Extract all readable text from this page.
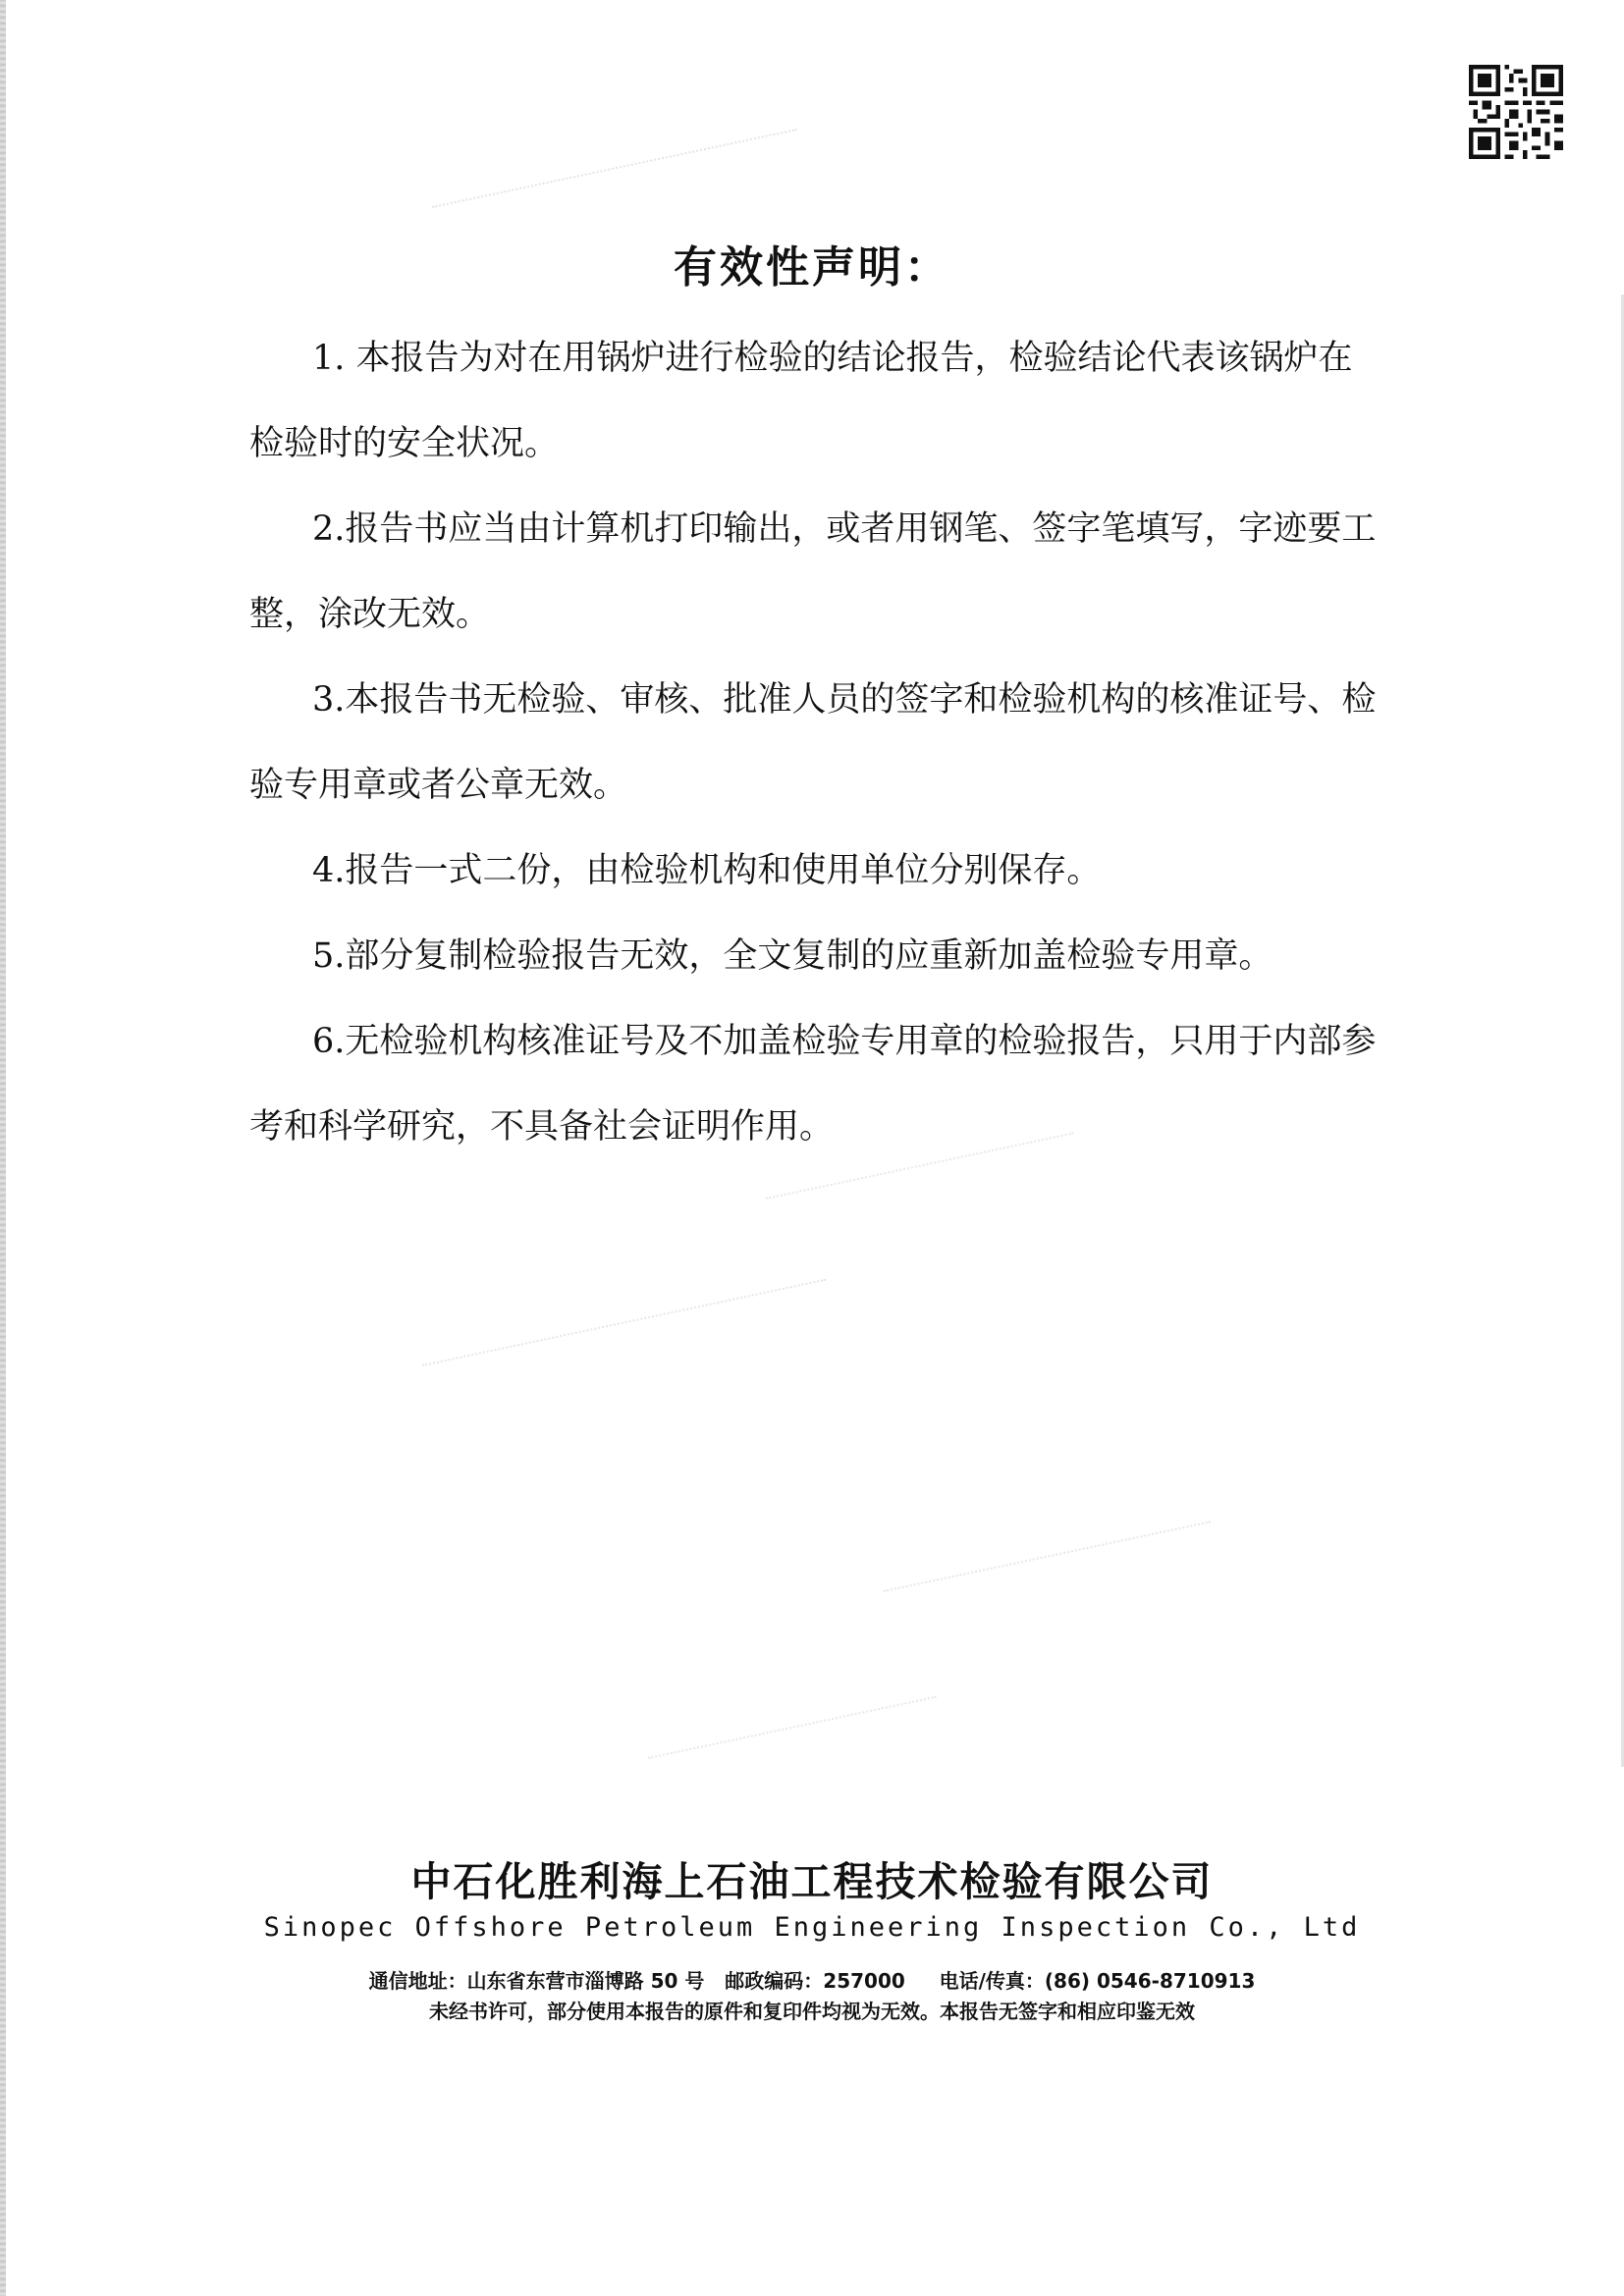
有效性声明：

1. 本报告为对在用锅炉进行检验的结论报告，检验结论代表该锅炉在检验时的安全状况。

2.报告书应当由计算机打印输出，或者用钢笔、签字笔填写，字迹要工整，涂改无效。

3.本报告书无检验、审核、批准人员的签字和检验机构的核准证号、检验专用章或者公章无效。

4.报告一式二份，由检验机构和使用单位分别保存。

5.部分复制检验报告无效，全文复制的应重新加盖检验专用章。

6.无检验机构核准证号及不加盖检验专用章的检验报告，只用于内部参考和科学研究，不具备社会证明作用。

中石化胜利海上石油工程技术检验有限公司
Sinopec Offshore Petroleum Engineering Inspection Co., Ltd
通信地址：山东省东营市淄博路 50 号   邮政编码：257000     电话/传真：(86) 0546-8710913
未经书许可，部分使用本报告的原件和复印件均视为无效。本报告无签字和相应印鉴无效
